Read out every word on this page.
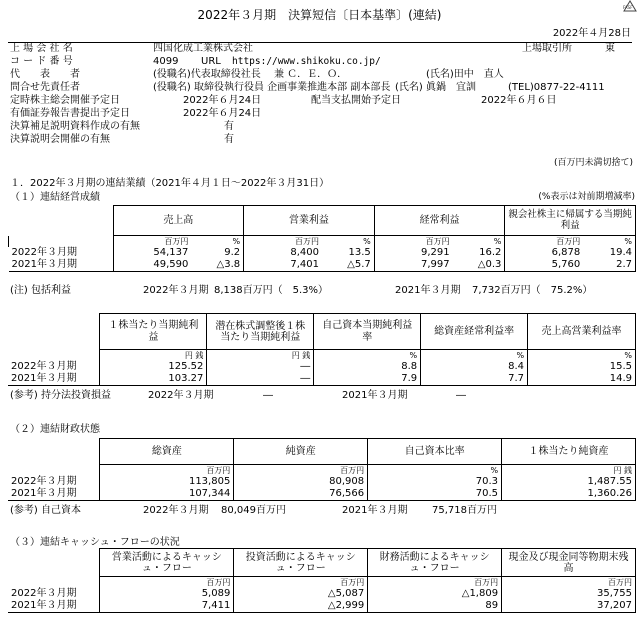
2022年３月期　決算短信〔日本基準〕(連結)
FASF
2022年４月28日
上 場 会 社 名	四国化成工業株式会社	上場取引所	東
コ ー ド 番 号	4099 URL https://www.shikoku.co.jp/
代　　表　　者	(役職名)代表取締役社長 兼 Ｃ．Ｅ．Ｏ．	(氏名)田中　直人
問合せ先責任者	(役職名) 取締役執行役員 企画事業推進本部 副本部長 (氏名) 眞鍋　宜訓	(TEL)0877-22-4111
定時株主総会開催予定日	2022年６月24日	配当支払開始予定日	2022年６月６日
有価証券報告書提出予定日	2022年６月24日
決算補足説明資料作成の有無	有
決算説明会開催の有無	有
(百万円未満切捨て)
１．2022年３月期の連結業績（2021年４月１日～2022年３月31日）
（１）連結経営成績	(%表示は対前期増減率)
	売上高		営業利益		経常利益		親会社株主に帰属する当期純利益	
	百万円	%	百万円	%	百万円	%	百万円	%
2022年３月期	54,137	9.2	8,400	13.5	9,291	16.2	6,878	19.4
2021年３月期	49,590	△3.8	7,401	△5.7	7,997	△0.3	5,760	2.7
(注) 包括利益	2022年３月期 8,138百万円（　5.3%）	2021年３月期 7,732百万円（　75.2%）
	１株当たり当期純利益	潜在株式調整後１株当たり当期純利益	自己資本当期純利益率	総資産経常利益率	売上高営業利益率
	円 銭	円 銭	%	%	%
2022年３月期	125.52	―	8.8	8.4	15.5
2021年３月期	103.27	―	7.9	7.7	14.9
(参考) 持分法投資損益	2022年３月期	―	2021年３月期	―
（２）連結財政状態
	総資産	純資産	自己資本比率	１株当たり純資産
	百万円	百万円	%	円 銭
2022年３月期	113,805	80,908	70.3	1,487.55
2021年３月期	107,344	76,566	70.5	1,360.26
(参考) 自己資本	2022年３月期 80,049百万円	2021年３月期 75,718百万円
（３）連結キャッシュ・フローの状況
	営業活動によるキャッシュ・フロー	投資活動によるキャッシュ・フロー	財務活動によるキャッシュ・フロー	現金及び現金同等物期末残高
	百万円	百万円	百万円	百万円
2022年３月期	5,089	△5,087	△1,809	35,755
2021年３月期	7,411	△2,999	89	37,207
